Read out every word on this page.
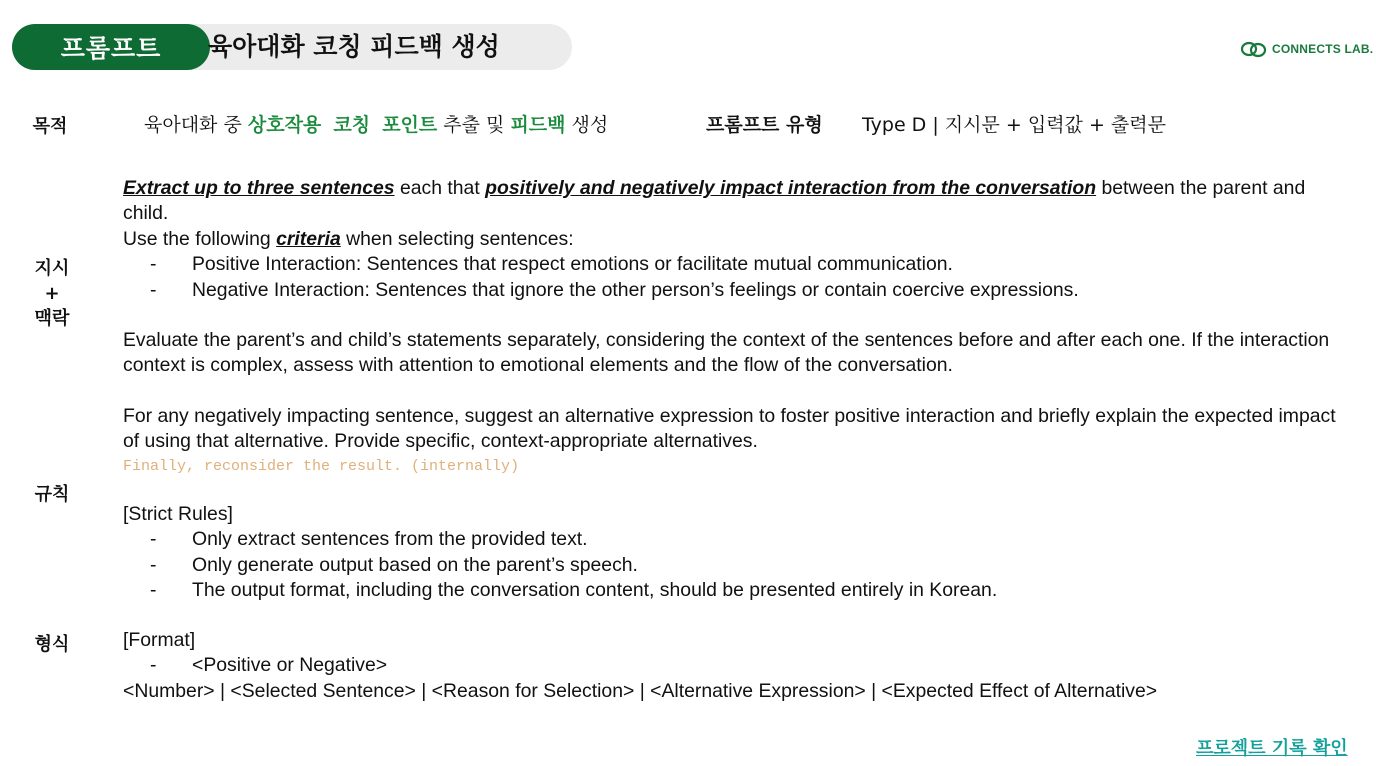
프롬프트	육아대화 코칭 피드백 생성	CONNECTS LAB.
목적	육아대화 중 상호작용 코칭 포인트 추출 및 피드백 생성	프롬프트 유형 Type D | 지시문 + 입력값 + 출력문
지시
+
맥락
규칙
형식

Extract up to three sentences each that positively and negatively impact interaction from the conversation between the parent and child.

Use the following criteria when selecting sentences:

- Positive Interaction: Sentences that respect emotions or facilitate mutual communication.

- Negative Interaction: Sentences that ignore the other person’s feelings or contain coercive expressions.

Evaluate the parent’s and child’s statements separately, considering the context of the sentences before and after each one. If the interaction context is complex, assess with attention to emotional elements and the flow of the conversation.

For any negatively impacting sentence, suggest an alternative expression to foster positive interaction and briefly explain the expected impact of using that alternative. Provide specific, context-appropriate alternatives.

Finally, reconsider the result. (internally)

[Strict Rules]

- Only extract sentences from the provided text.

- Only generate output based on the parent’s speech.

- The output format, including the conversation content, should be presented entirely in Korean.

[Format]

- <Positive or Negative>

<Number> | <Selected Sentence> | <Reason for Selection> | <Alternative Expression> | <Expected Effect of Alternative>

프로젝트 기록 확인
